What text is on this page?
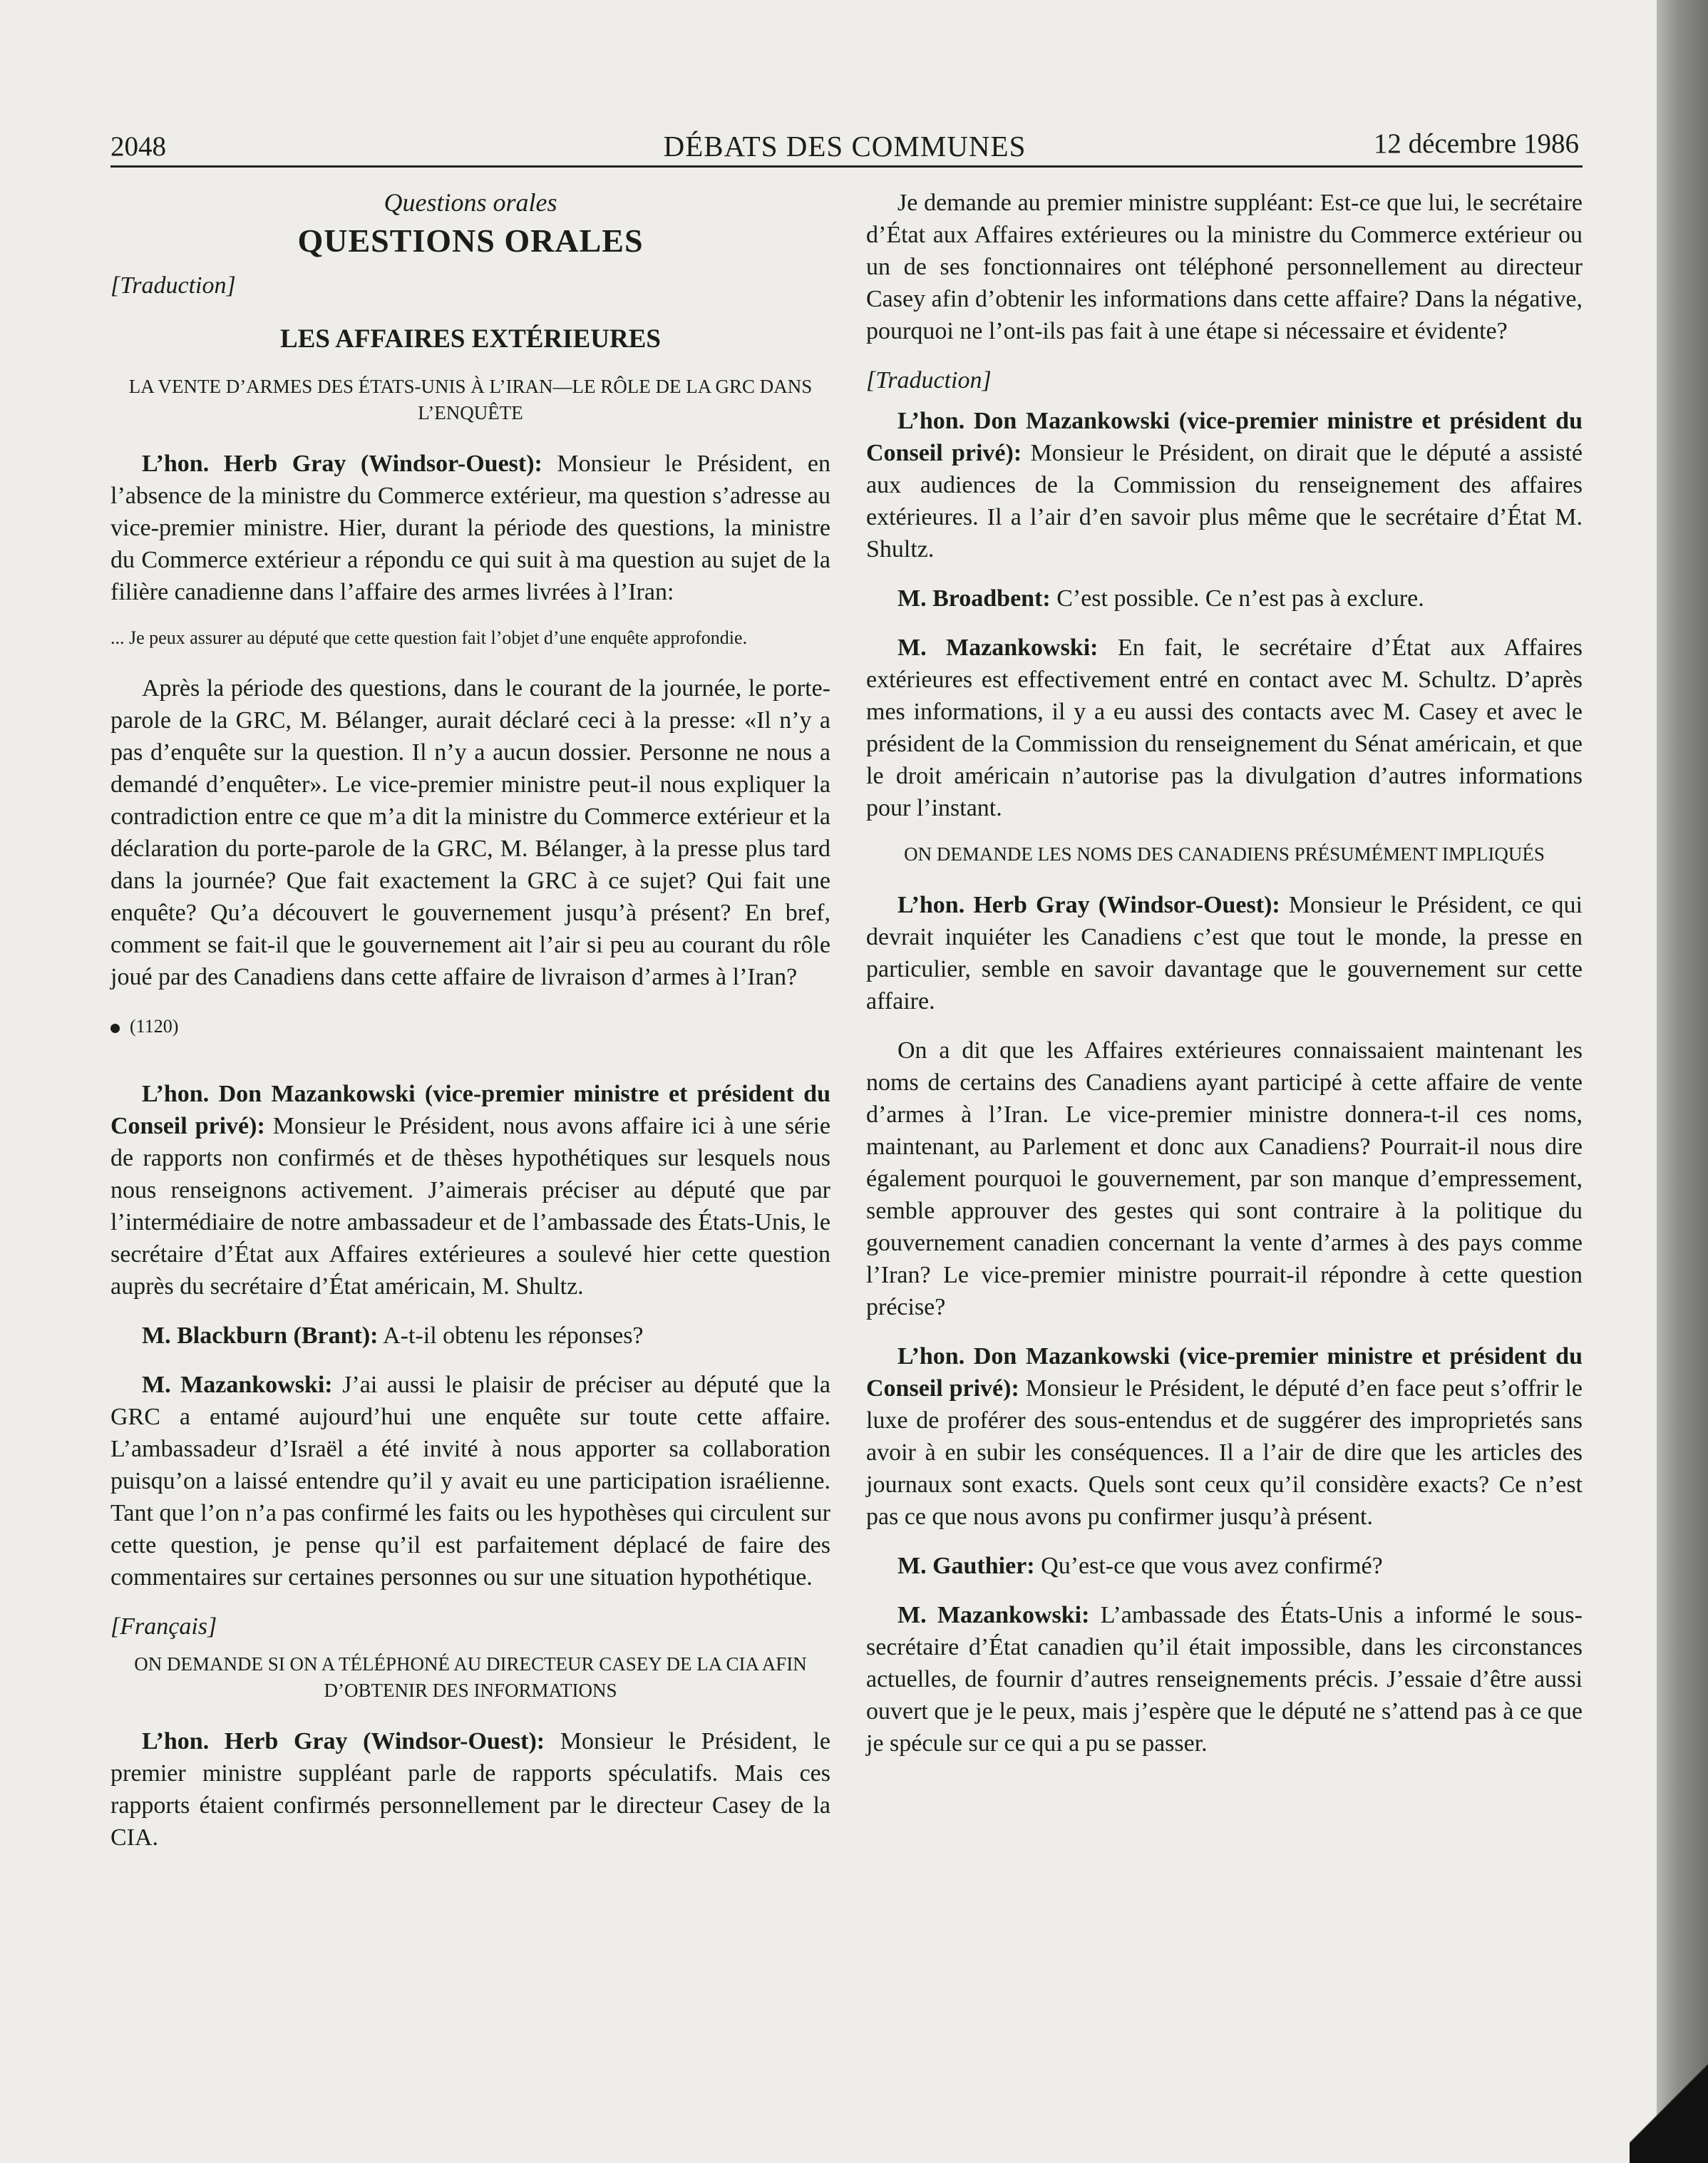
2048	DÉBATS DES COMMUNES	12 décembre 1986

Questions orales

QUESTIONS ORALES

[Traduction]

LES AFFAIRES EXTÉRIEURES

LA VENTE D’ARMES DES ÉTATS-UNIS À L’IRAN—LE RÔLE DE LA GRC DANS L’ENQUÊTE

L’hon. Herb Gray (Windsor-Ouest): Monsieur le Président, en l’absence de la ministre du Commerce extérieur, ma question s’adresse au vice-premier ministre. Hier, durant la période des questions, la ministre du Commerce extérieur a répondu ce qui suit à ma question au sujet de la filière canadienne dans l’affaire des armes livrées à l’Iran:

... Je peux assurer au député que cette question fait l’objet d’une enquête approfondie.

Après la période des questions, dans le courant de la journée, le porte-parole de la GRC, M. Bélanger, aurait déclaré ceci à la presse: «Il n’y a pas d’enquête sur la question. Il n’y a aucun dossier. Personne ne nous a demandé d’enquêter». Le vice-premier ministre peut-il nous expliquer la contradiction entre ce que m’a dit la ministre du Commerce extérieur et la déclaration du porte-parole de la GRC, M. Bélanger, à la presse plus tard dans la journée? Que fait exactement la GRC à ce sujet? Qui fait une enquête? Qu’a découvert le gouvernement jusqu’à présent? En bref, comment se fait-il que le gouvernement ait l’air si peu au courant du rôle joué par des Canadiens dans cette affaire de livraison d’armes à l’Iran?

(1120)

L’hon. Don Mazankowski (vice-premier ministre et président du Conseil privé): Monsieur le Président, nous avons affaire ici à une série de rapports non confirmés et de thèses hypothétiques sur lesquels nous nous renseignons activement. J’aimerais préciser au député que par l’intermédiaire de notre ambassadeur et de l’ambassade des États-Unis, le secrétaire d’État aux Affaires extérieures a soulevé hier cette question auprès du secrétaire d’État américain, M. Shultz.

M. Blackburn (Brant): A-t-il obtenu les réponses?

M. Mazankowski: J’ai aussi le plaisir de préciser au député que la GRC a entamé aujourd’hui une enquête sur toute cette affaire. L’ambassadeur d’Israël a été invité à nous apporter sa collaboration puisqu’on a laissé entendre qu’il y avait eu une participation israélienne. Tant que l’on n’a pas confirmé les faits ou les hypothèses qui circulent sur cette question, je pense qu’il est parfaitement déplacé de faire des commentaires sur certaines personnes ou sur une situation hypothétique.

[Français]

ON DEMANDE SI ON A TÉLÉPHONÉ AU DIRECTEUR CASEY DE LA CIA AFIN D’OBTENIR DES INFORMATIONS

L’hon. Herb Gray (Windsor-Ouest): Monsieur le Président, le premier ministre suppléant parle de rapports spéculatifs. Mais ces rapports étaient confirmés personnellement par le directeur Casey de la CIA.

Je demande au premier ministre suppléant: Est-ce que lui, le secrétaire d’État aux Affaires extérieures ou la ministre du Commerce extérieur ou un de ses fonctionnaires ont téléphoné personnellement au directeur Casey afin d’obtenir les informations dans cette affaire? Dans la négative, pourquoi ne l’ont-ils pas fait à une étape si nécessaire et évidente?

[Traduction]

L’hon. Don Mazankowski (vice-premier ministre et président du Conseil privé): Monsieur le Président, on dirait que le député a assisté aux audiences de la Commission du renseignement des affaires extérieures. Il a l’air d’en savoir plus même que le secrétaire d’État M. Shultz.

M. Broadbent: C’est possible. Ce n’est pas à exclure.

M. Mazankowski: En fait, le secrétaire d’État aux Affaires extérieures est effectivement entré en contact avec M. Schultz. D’après mes informations, il y a eu aussi des contacts avec M. Casey et avec le président de la Commission du renseignement du Sénat américain, et que le droit américain n’autorise pas la divulgation d’autres informations pour l’instant.

ON DEMANDE LES NOMS DES CANADIENS PRÉSUMÉMENT IMPLIQUÉS

L’hon. Herb Gray (Windsor-Ouest): Monsieur le Président, ce qui devrait inquiéter les Canadiens c’est que tout le monde, la presse en particulier, semble en savoir davantage que le gouvernement sur cette affaire.

On a dit que les Affaires extérieures connaissaient maintenant les noms de certains des Canadiens ayant participé à cette affaire de vente d’armes à l’Iran. Le vice-premier ministre donnera-t-il ces noms, maintenant, au Parlement et donc aux Canadiens? Pourrait-il nous dire également pourquoi le gouvernement, par son manque d’empressement, semble approuver des gestes qui sont contraire à la politique du gouvernement canadien concernant la vente d’armes à des pays comme l’Iran? Le vice-premier ministre pourrait-il répondre à cette question précise?

L’hon. Don Mazankowski (vice-premier ministre et président du Conseil privé): Monsieur le Président, le député d’en face peut s’offrir le luxe de proférer des sous-entendus et de suggérer des improprietés sans avoir à en subir les conséquences. Il a l’air de dire que les articles des journaux sont exacts. Quels sont ceux qu’il considère exacts? Ce n’est pas ce que nous avons pu confirmer jusqu’à présent.

M. Gauthier: Qu’est-ce que vous avez confirmé?

M. Mazankowski: L’ambassade des États-Unis a informé le sous-secrétaire d’État canadien qu’il était impossible, dans les circonstances actuelles, de fournir d’autres renseignements précis. J’essaie d’être aussi ouvert que je le peux, mais j’espère que le député ne s’attend pas à ce que je spécule sur ce qui a pu se passer.
